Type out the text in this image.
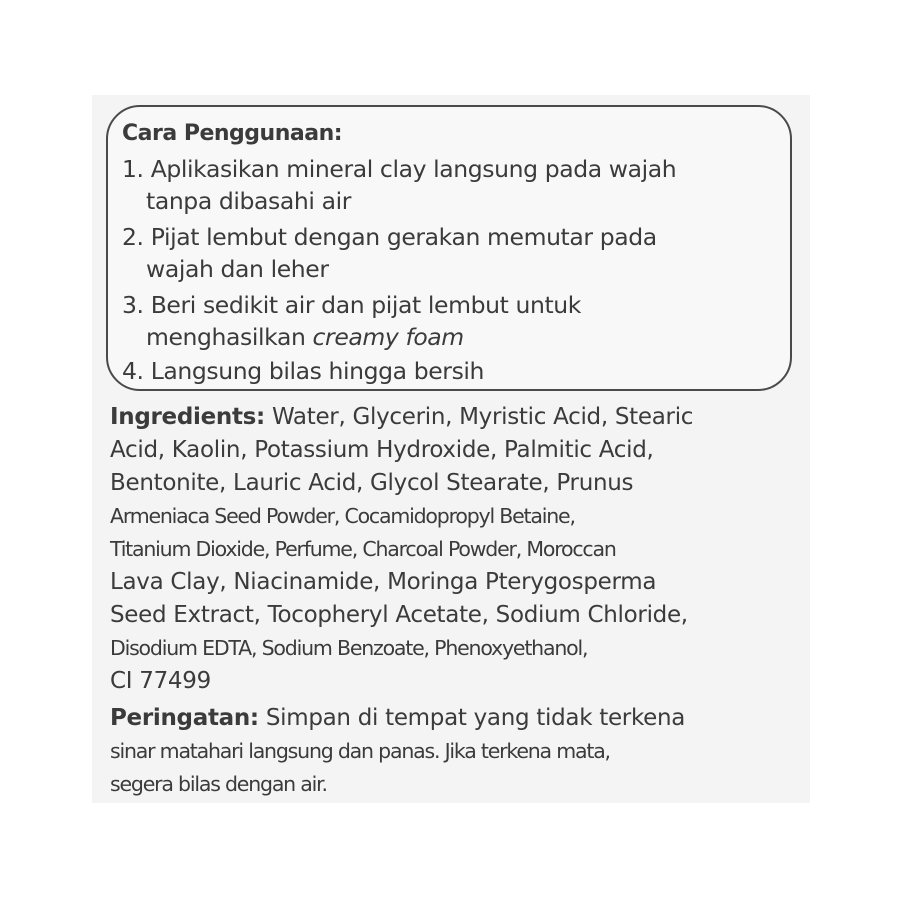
Cara Penggunaan:
1. Aplikasikan mineral clay langsung pada wajah
tanpa dibasahi air
2. Pijat lembut dengan gerakan memutar pada
wajah dan leher
3. Beri sedikit air dan pijat lembut untuk
menghasilkan creamy foam
4. Langsung bilas hingga bersih
Ingredients: Water, Glycerin, Myristic Acid, Stearic
Acid, Kaolin, Potassium Hydroxide, Palmitic Acid,
Bentonite, Lauric Acid, Glycol Stearate, Prunus
Armeniaca Seed Powder, Cocamidopropyl Betaine,
Titanium Dioxide, Perfume, Charcoal Powder, Moroccan
Lava Clay, Niacinamide, Moringa Pterygosperma
Seed Extract, Tocopheryl Acetate, Sodium Chloride,
Disodium EDTA, Sodium Benzoate, Phenoxyethanol,
CI 77499
Peringatan: Simpan di tempat yang tidak terkena
sinar matahari langsung dan panas. Jika terkena mata,
segera bilas dengan air.
